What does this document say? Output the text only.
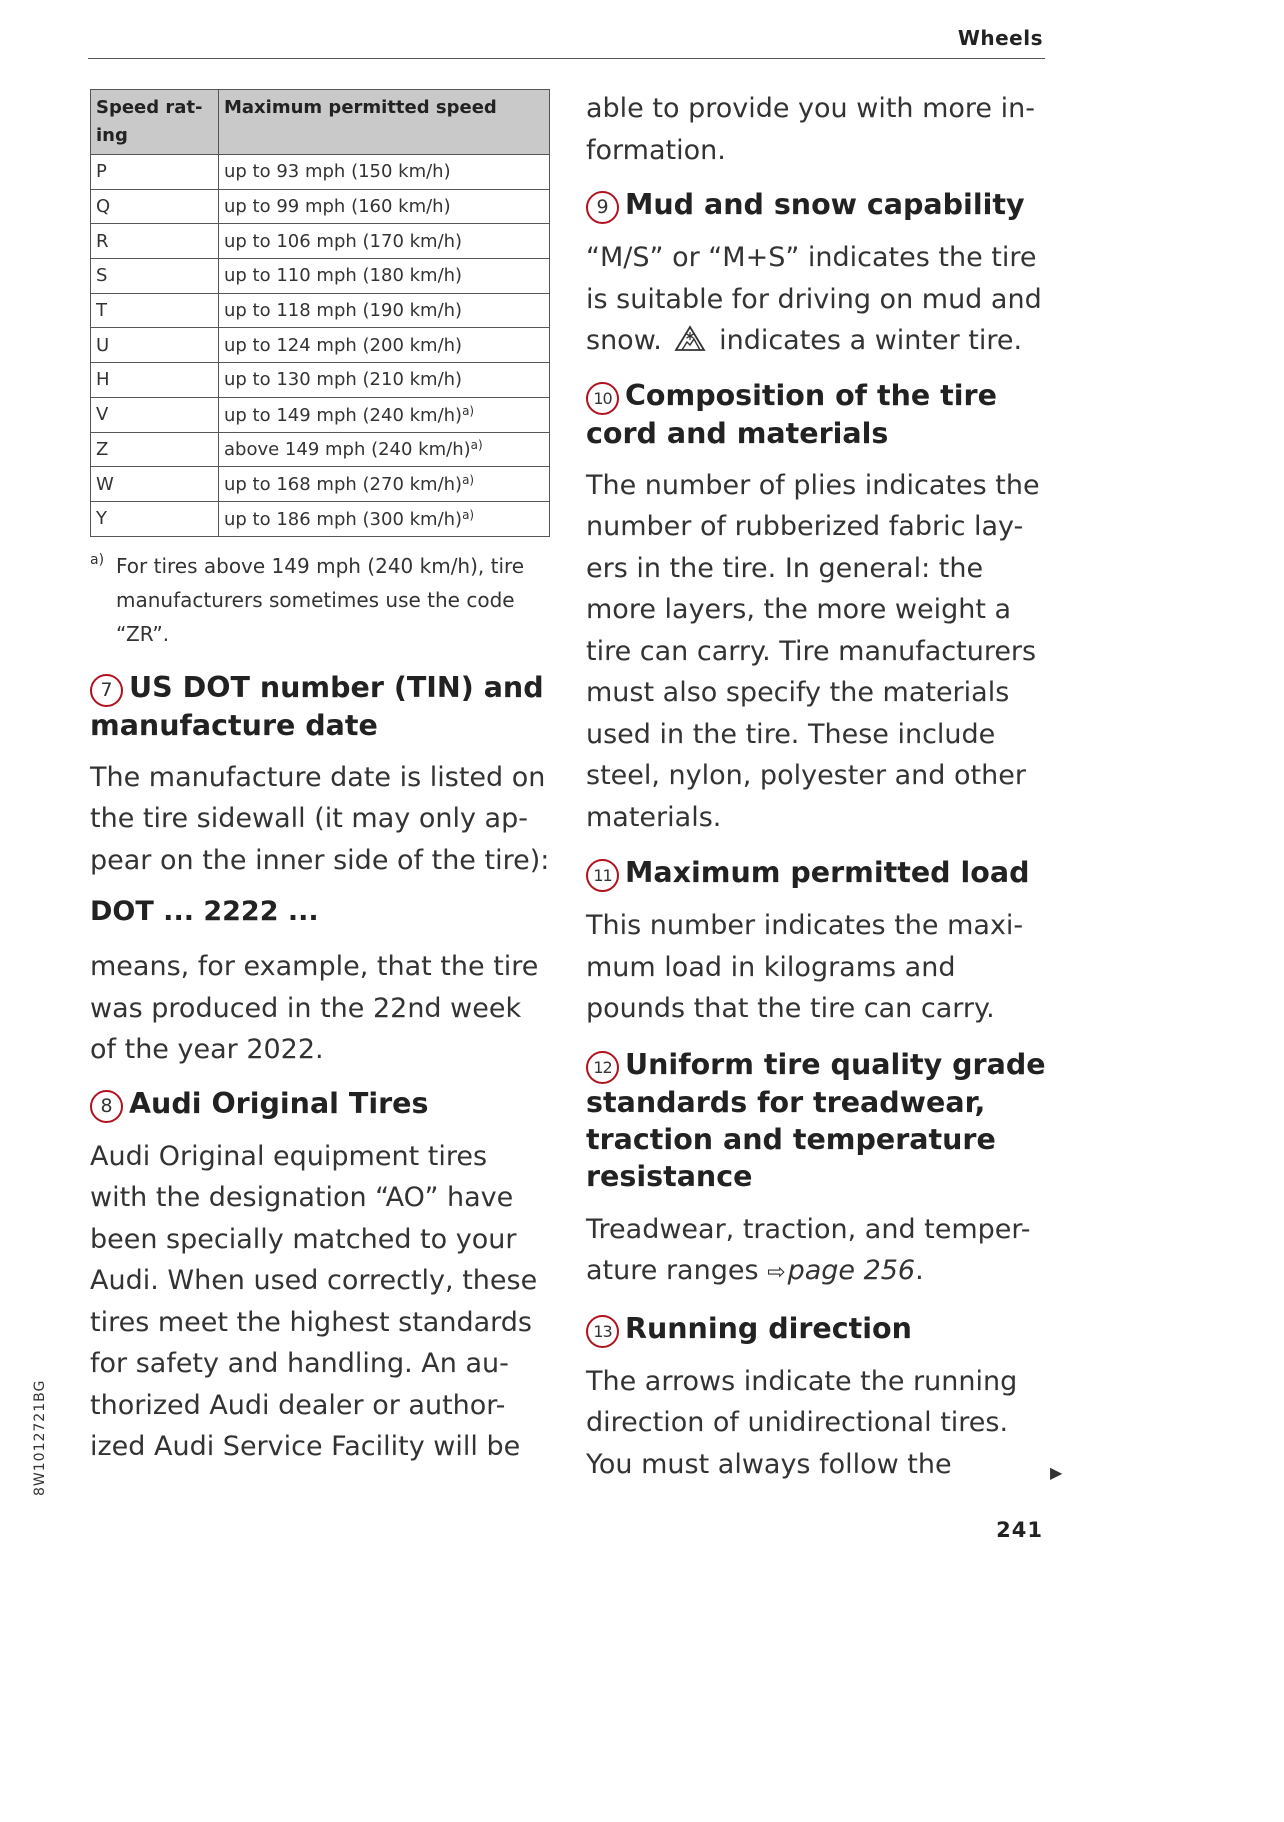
Wheels
Speed rat-
ing	Maximum permitted speed
P	up to 93 mph (150 km/h)
Q	up to 99 mph (160 km/h)
R	up to 106 mph (170 km/h)
S	up to 110 mph (180 km/h)
T	up to 118 mph (190 km/h)
U	up to 124 mph (200 km/h)
H	up to 130 mph (210 km/h)
V	up to 149 mph (240 km/h)$^{a)}$
Z	above 149 mph (240 km/h)$^{a)}$
W	up to 168 mph (270 km/h)$^{a)}$
Y	up to 186 mph (300 km/h)$^{a)}$
a) For tires above 149 mph (240 km/h), tire manufacturers sometimes use the code “ZR”.
7 US DOT number (TIN) and manufacture date

The manufacture date is listed on the tire sidewall (it may only ap-pear on the inner side of the tire):

DOT ... 2222 ...

means, for example, that the tire was produced in the 22nd week of the year 2022.

8 Audi Original Tires

Audi Original equipment tires with the designation “AO” have been specially matched to your Audi. When used correctly, these tires meet the highest standards for safety and handling. An au-thorized Audi dealer or author-ized Audi Service Facility will be

able to provide you with more in-formation.

9 Mud and snow capability

“M/S” or “M+S” indicates the tire is suitable for driving on mud and snow. indicates a winter tire.

10 Composition of the tire cord and materials

The number of plies indicates the number of rubberized fabric lay-ers in the tire. In general: the more layers, the more weight a tire can carry. Tire manufacturers must also specify the materials used in the tire. These include steel, nylon, polyester and other materials.

11 Maximum permitted load

This number indicates the maxi-mum load in kilograms and pounds that the tire can carry.

12 Uniform tire quality grade standards for treadwear, traction and temperature resistance

Treadwear, traction, and temper-ature ranges ⇨page 256.

13 Running direction

The arrows indicate the running direction of unidirectional tires. You must always follow the

8W1012721BG	▶
241
